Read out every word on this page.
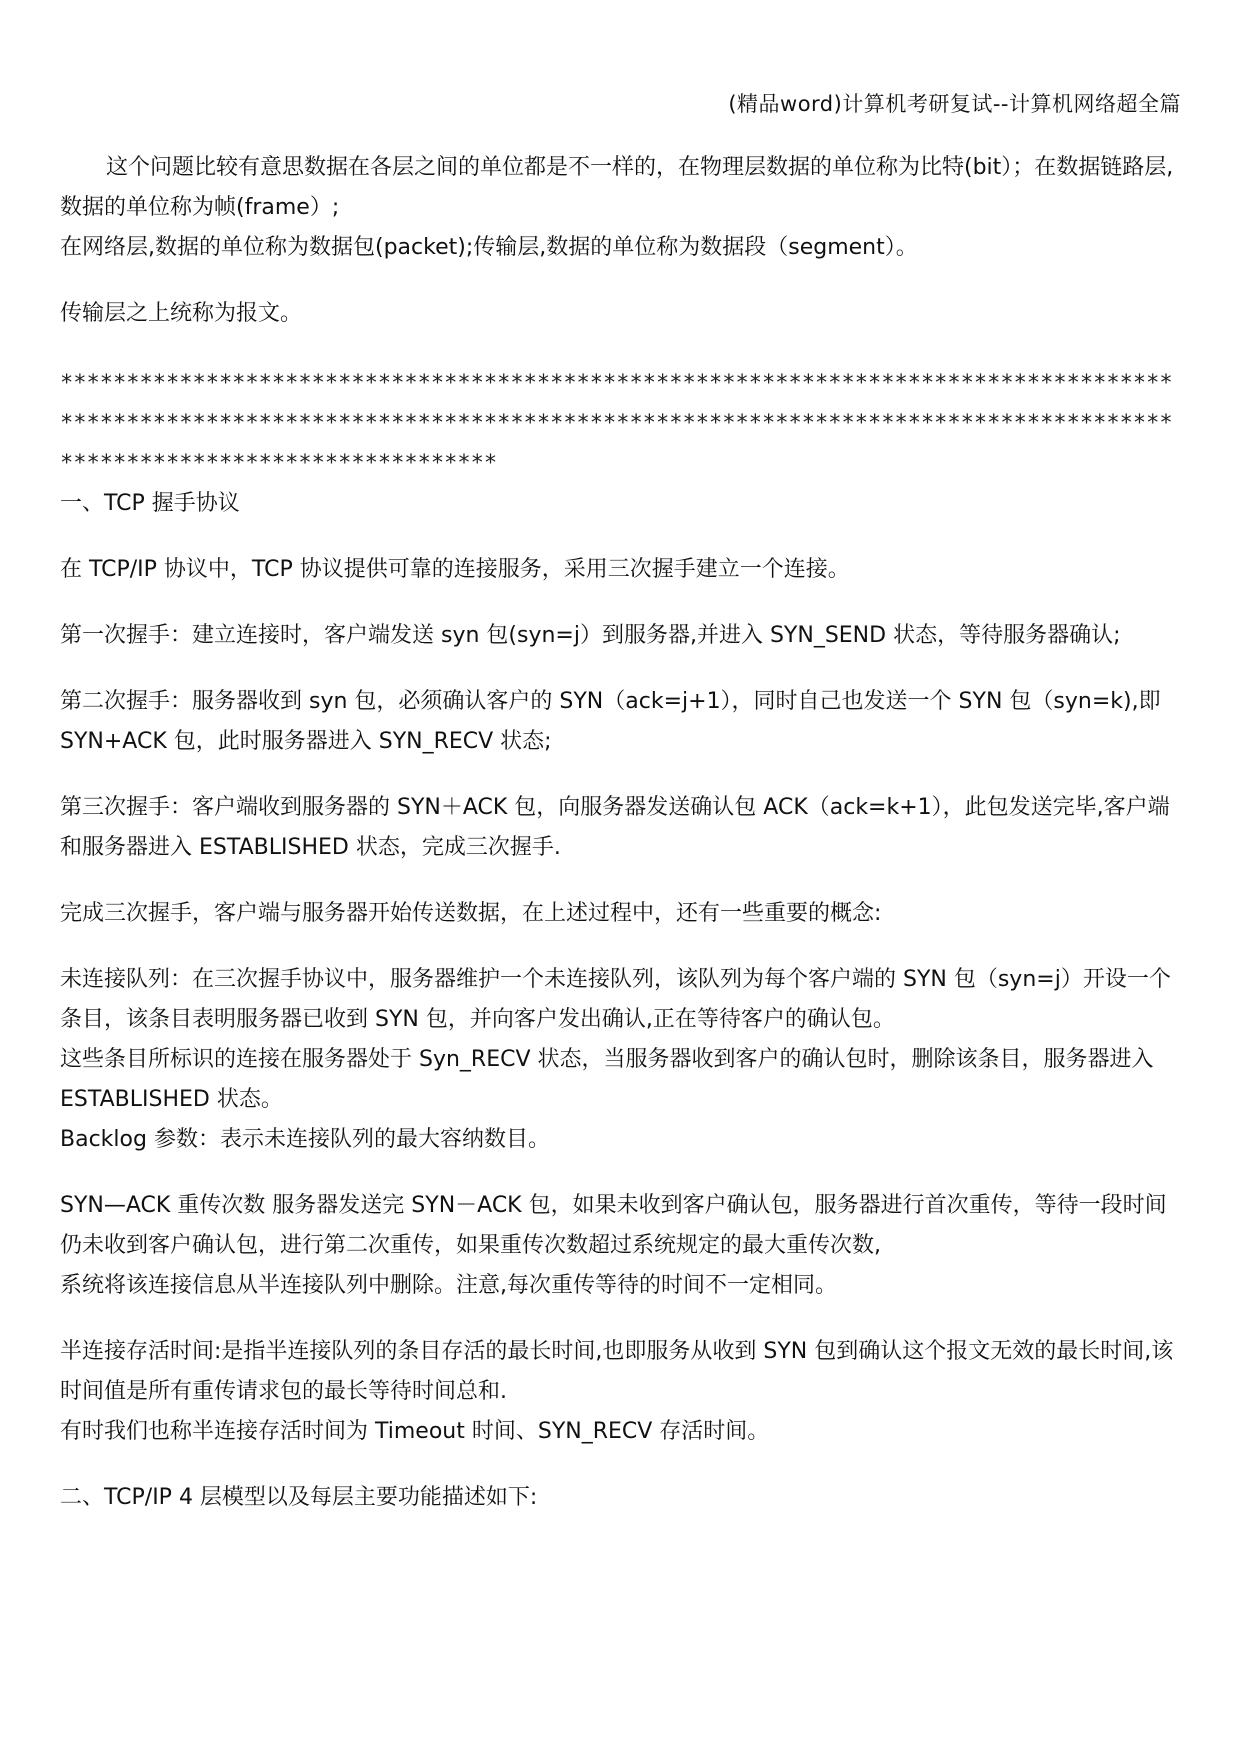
(精品word)计算机考研复试--计算机网络超全篇

这个问题比较有意思数据在各层之间的单位都是不一样的，在物理层数据的单位称为比特(bit）；在数据链路层,数据的单位称为帧(frame）;

在网络层,数据的单位称为数据包(packet);传输层,数据的单位称为数据段（segment）。

传输层之上统称为报文。

*********************************************************************************************************************************************************************************************************

一、TCP 握手协议

在 TCP/IP 协议中，TCP 协议提供可靠的连接服务，采用三次握手建立一个连接。

第一次握手：建立连接时，客户端发送 syn 包(syn=j）到服务器,并进入 SYN_SEND 状态，等待服务器确认;

第二次握手：服务器收到 syn 包，必须确认客户的 SYN（ack=j+1），同时自己也发送一个 SYN 包（syn=k),即 SYN+ACK 包，此时服务器进入 SYN_RECV 状态;

第三次握手：客户端收到服务器的 SYN＋ACK 包，向服务器发送确认包 ACK（ack=k+1），此包发送完毕,客户端和服务器进入 ESTABLISHED 状态，完成三次握手.

完成三次握手，客户端与服务器开始传送数据，在上述过程中，还有一些重要的概念:

未连接队列：在三次握手协议中，服务器维护一个未连接队列，该队列为每个客户端的 SYN 包（syn=j）开设一个条目，该条目表明服务器已收到 SYN 包，并向客户发出确认,正在等待客户的确认包。

这些条目所标识的连接在服务器处于 Syn_RECV 状态，当服务器收到客户的确认包时，删除该条目，服务器进入 ESTABLISHED 状态。

Backlog 参数：表示未连接队列的最大容纳数目。

SYN—ACK 重传次数 服务器发送完 SYN－ACK 包，如果未收到客户确认包，服务器进行首次重传，等待一段时间仍未收到客户确认包，进行第二次重传，如果重传次数超过系统规定的最大重传次数,

系统将该连接信息从半连接队列中删除。注意,每次重传等待的时间不一定相同。

半连接存活时间:是指半连接队列的条目存活的最长时间,也即服务从收到 SYN 包到确认这个报文无效的最长时间,该时间值是所有重传请求包的最长等待时间总和.

有时我们也称半连接存活时间为 Timeout 时间、SYN_RECV 存活时间。

二、TCP/IP 4 层模型以及每层主要功能描述如下:
